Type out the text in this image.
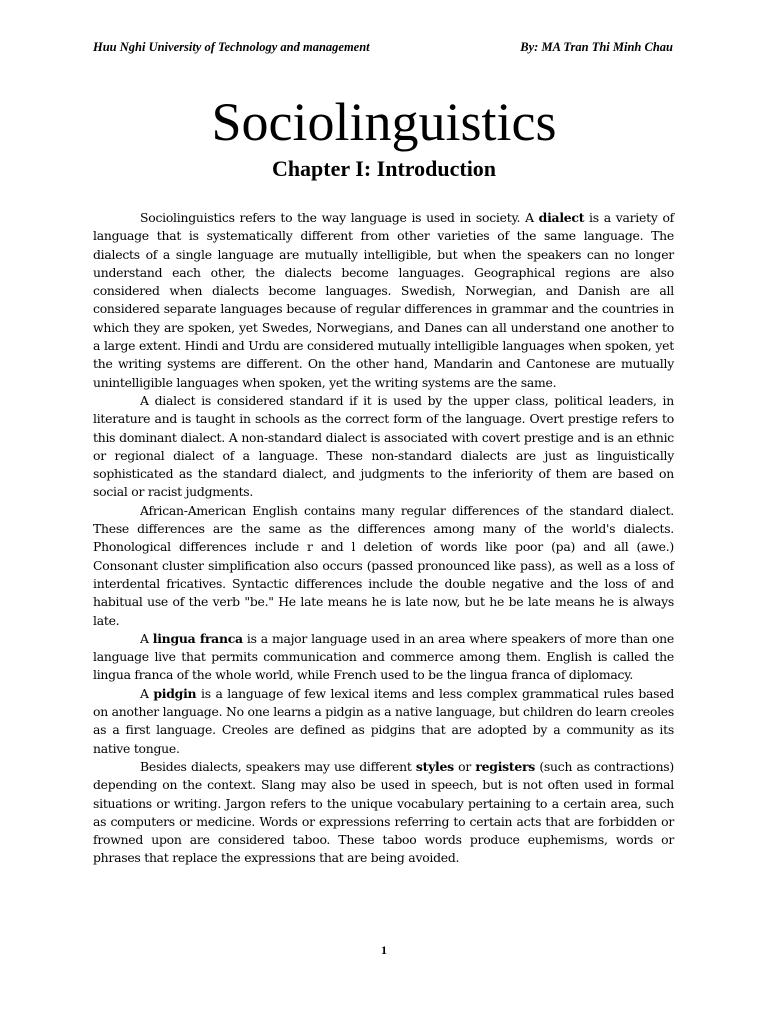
Huu Nghi University of Technology and management	By: MA Tran Thi Minh Chau
Sociolinguistics
Chapter I: Introduction

Sociolinguistics refers to the way language is used in society. A dialect is a variety of language that is systematically different from other varieties of the same language. The dialects of a single language are mutually intelligible, but when the speakers can no longer understand each other, the dialects become languages. Geographical regions are also considered when dialects become languages. Swedish, Norwegian, and Danish are all considered separate languages because of regular differences in grammar and the countries in which they are spoken, yet Swedes, Norwegians, and Danes can all understand one another to a large extent. Hindi and Urdu are considered mutually intelligible languages when spoken, yet the writing systems are different. On the other hand, Mandarin and Cantonese are mutually unintelligible languages when spoken, yet the writing systems are the same.

A dialect is considered standard if it is used by the upper class, political leaders, in literature and is taught in schools as the correct form of the language. Overt prestige refers to this dominant dialect. A non-standard dialect is associated with covert prestige and is an ethnic or regional dialect of a language. These non-standard dialects are just as linguistically sophisticated as the standard dialect, and judgments to the inferiority of them are based on social or racist judgments.

African-American English contains many regular differences of the standard dialect. These differences are the same as the differences among many of the world's dialects. Phonological differences include r and l deletion of words like poor (pa) and all (awe.) Consonant cluster simplification also occurs (passed pronounced like pass), as well as a loss of interdental fricatives. Syntactic differences include the double negative and the loss of and habitual use of the verb "be." He late means he is late now, but he be late means he is always late.

A lingua franca is a major language used in an area where speakers of more than one language live that permits communication and commerce among them. English is called the lingua franca of the whole world, while French used to be the lingua franca of diplomacy.

A pidgin is a language of few lexical items and less complex grammatical rules based on another language. No one learns a pidgin as a native language, but children do learn creoles as a first language. Creoles are defined as pidgins that are adopted by a community as its native tongue.

Besides dialects, speakers may use different styles or registers (such as contractions) depending on the context. Slang may also be used in speech, but is not often used in formal situations or writing. Jargon refers to the unique vocabulary pertaining to a certain area, such as computers or medicine. Words or expressions referring to certain acts that are forbidden or frowned upon are considered taboo. These taboo words produce euphemisms, words or phrases that replace the expressions that are being avoided.

1
